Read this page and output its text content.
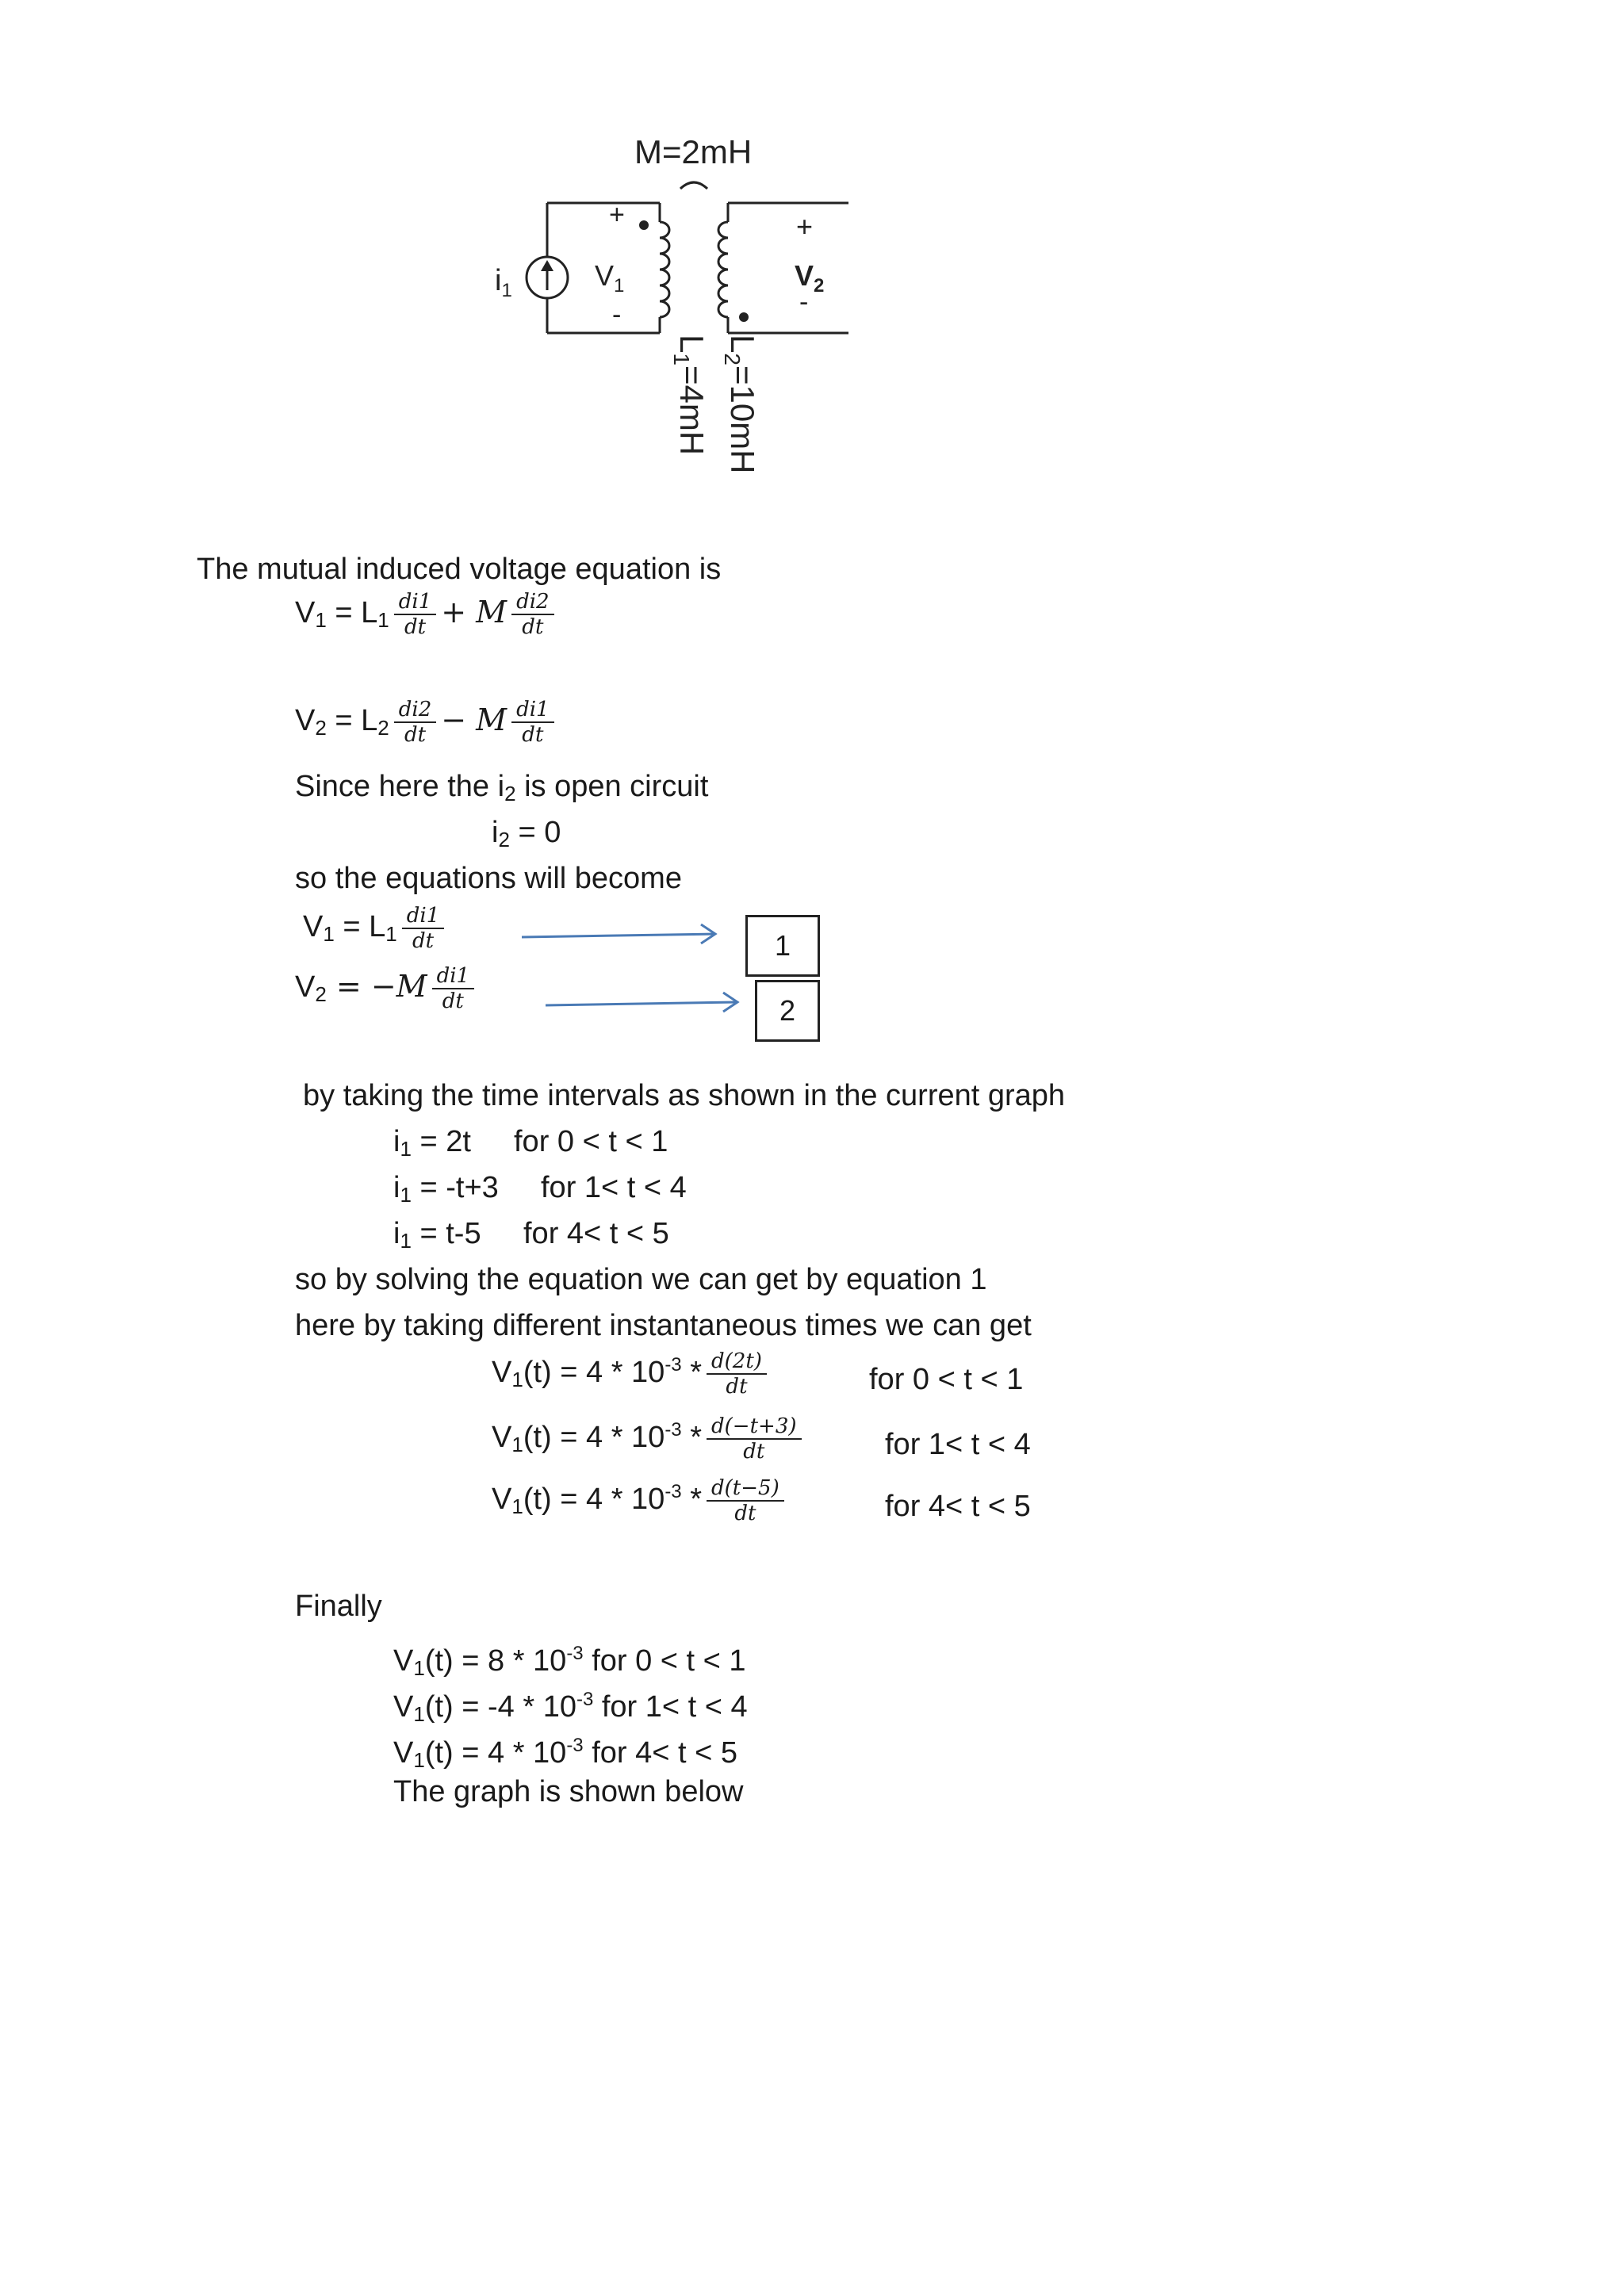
M=2mH
$i_1$
+
$V_1$
-
+
$V_2$
-
L1=4mH
L2=10mH
The mutual induced voltage equation is
$V_1 = L_1 \frac{di1}{dt} + M \frac{di2}{dt}$
$V_2 = L_2 \frac{di2}{dt} - M \frac{di1}{dt}$
Since here the $i_2$ is open circuit
$i_2 = 0$
so the equations will become
$V_1 = L_1 \frac{di1}{dt}$
$V_2 = -M \frac{di1}{dt}$
1
2
by taking the time intervals as shown in the current graph
$i_1 = 2t$ for 0 < t < 1
$i_1 = -t+3$ for 1< t < 4
$i_1 = t-5$ for 4< t < 5
so by solving the equation we can get by equation 1
here by taking different instantaneous times we can get
$V_1(t) = 4 * 10^{-3} * \frac{d(2t)}{dt}$	for 0 < t < 1
$V_1(t) = 4 * 10^{-3} * \frac{d(-t+3)}{dt}$	for 1< t < 4
$V_1(t) = 4 * 10^{-3} * \frac{d(t-5)}{dt}$	for 4< t < 5
Finally
$V_1(t) = 8 * 10^{-3}$ for 0 < t < 1
$V_1(t) = -4 * 10^{-3}$ for 1< t < 4
$V_1(t) = 4 * 10^{-3}$ for 4< t < 5
The graph is shown below
